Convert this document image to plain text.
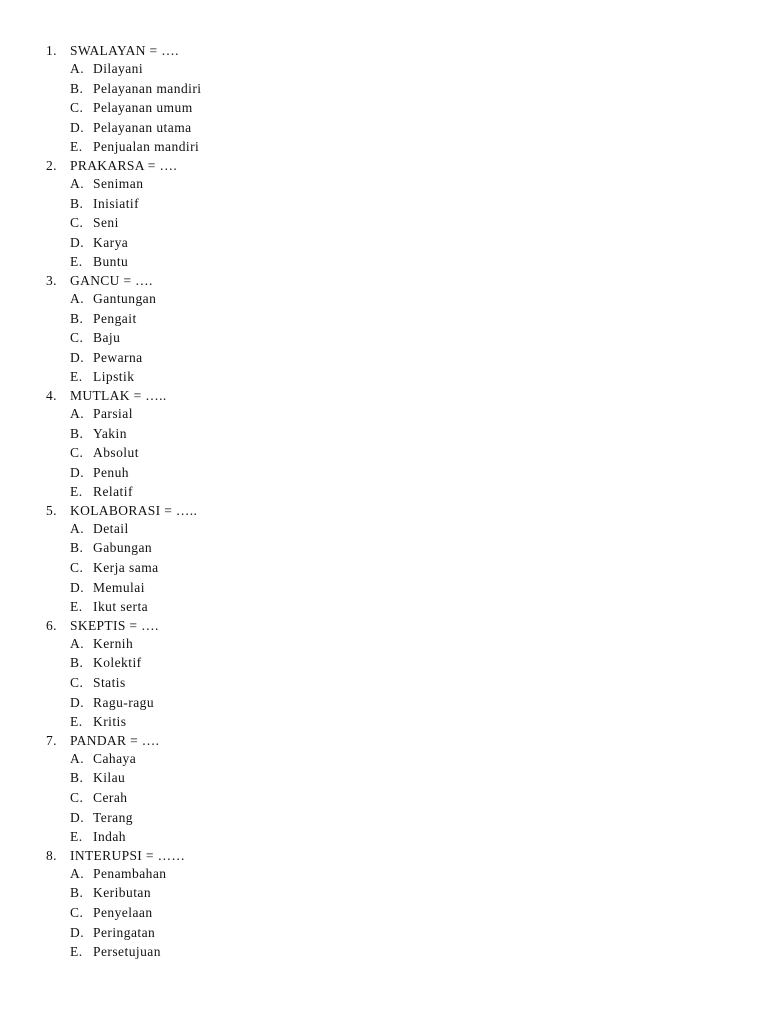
1. SWALAYAN = ….
A. Dilayani
B. Pelayanan mandiri
C. Pelayanan umum
D. Pelayanan utama
E. Penjualan mandiri
2. PRAKARSA = ….
A. Seniman
B. Inisiatif
C. Seni
D. Karya
E. Buntu
3. GANCU = ….
A. Gantungan
B. Pengait
C. Baju
D. Pewarna
E. Lipstik
4. MUTLAK = …..
A. Parsial
B. Yakin
C. Absolut
D. Penuh
E. Relatif
5. KOLABORASI = …..
A. Detail
B. Gabungan
C. Kerja sama
D. Memulai
E. Ikut serta
6. SKEPTIS = ….
A. Kernih
B. Kolektif
C. Statis
D. Ragu-ragu
E. Kritis
7. PANDAR = ….
A. Cahaya
B. Kilau
C. Cerah
D. Terang
E. Indah
8. INTERUPSI = ……
A. Penambahan
B. Keributan
C. Penyelaan
D. Peringatan
E. Persetujuan
